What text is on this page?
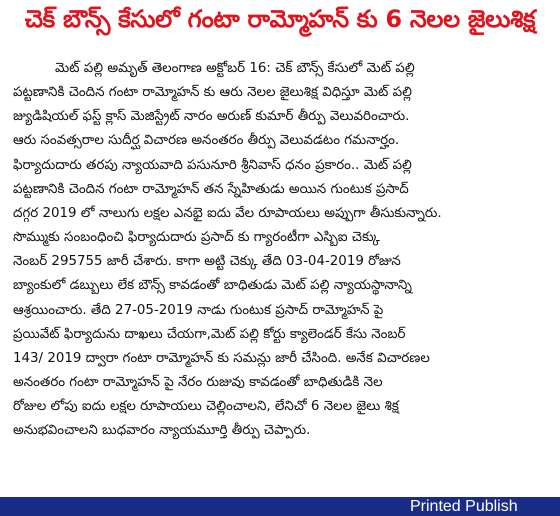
చెక్ బౌన్స్ కేసులో గంటా రామ్మోహన్ కు 6 నెలల జైలుశిక్ష
మెట్ పల్లి అమృత్ తెలంగాణ అక్టోబర్ 16: చెక్ బౌన్స్ కేసులో మెట్ పల్లి
పట్టణానికి చెందిన గంటా రామ్మోహన్ కు ఆరు నెలల జైలుశిక్ష విధిస్తూ మెట్ పల్లి
జ్యుడిషియల్ ఫస్ట్ క్లాస్ మెజిస్ట్రేట్ నారం అరుణ్ కుమార్ తీర్పు వెలువరించారు.
ఆరు సంవత్సరాల సుదీర్ఘ విచారణ అనంతరం తీర్పు వెలువడటం గమనార్హం.
ఫిర్యాదుదారు తరపు న్యాయవాది పసునూరి శ్రీనివాస్ ధనం ప్రకారం.. మెట్ పల్లి
పట్టణానికి చెందిన గంటా రామ్మోహన్ తన స్నేహితుడు అయిన గుంటుక ప్రసాద్
దగ్గర 2019 లో నాలుగు లక్షల ఎనభై ఐదు వేల రూపాయలు అప్పుగా తీసుకున్నారు.
సొమ్ముకు సంబంధించి ఫిర్యాదుదారు ప్రసాద్ కు గ్యారంటీగా ఎస్బిఐ చెక్కు
నెంబర్ 295755 జారీ చేశారు. కాగా అట్టి చెక్కు తేది 03-04-2019 రోజున
బ్యాంకులో డబ్బులు లేక బౌన్స్ కావడంతో బాధితుడు మెట్ పల్లి న్యాయస్థానాన్ని
ఆశ్రయించారు. తేది 27-05-2019 నాడు గుంటుక ప్రసాద్ రామ్మోహన్ పై
ప్రయివేట్ ఫిర్యాదును దాఖలు చేయగా,మెట్ పల్లి కోర్టు క్యాలెండర్ కేసు నెంబర్
143/ 2019 ద్వారా గంటా రామ్మోహన్ కు సమన్లు జారీ చేసింది. అనేక విచారణల
అనంతరం గంటా రామ్మోహన్ పై నేరం రుజువు కావడంతో బాధితుడికి నెల
రోజుల లోపు ఐదు లక్షల రూపాయలు చెల్లించాలని, లేనిచో 6 నెలల జైలు శిక్ష
అనుభవించాలని బుధవారం న్యాయమూర్తి తీర్పు చెప్పారు.
Printed Publish
